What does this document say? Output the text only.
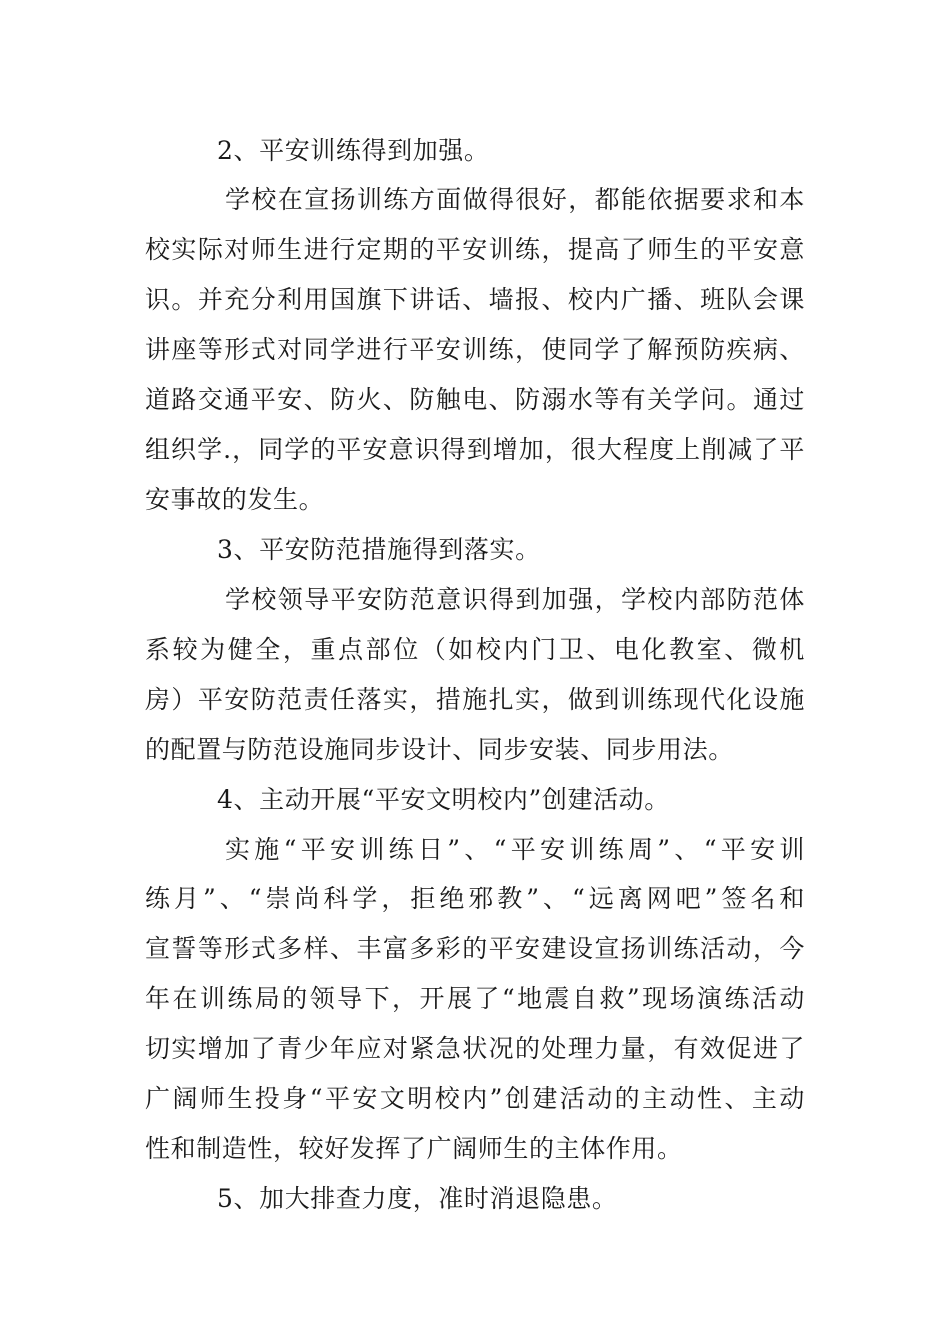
2、平安训练得到加强。
学校在宣扬训练方面做得很好，都能依据要求和本
校实际对师生进行定期的平安训练，提高了师生的平安意
识。并充分利用国旗下讲话、墙报、校内广播、班队会课
讲座等形式对同学进行平安训练，使同学了解预防疾病、
道路交通平安、防火、防触电、防溺水等有关学问。通过
组织学.，同学的平安意识得到增加，很大程度上削减了平
安事故的发生。
3、平安防范措施得到落实。
学校领导平安防范意识得到加强，学校内部防范体
系较为健全，重点部位（如校内门卫、电化教室、微机
房）平安防范责任落实，措施扎实，做到训练现代化设施
的配置与防范设施同步设计、同步安装、同步用法。
4、主动开展“平安文明校内”创建活动。
实施“平安训练日”、“平安训练周”、“平安训
练月”、“崇尚科学，拒绝邪教”、“远离网吧”签名和
宣誓等形式多样、丰富多彩的平安建设宣扬训练活动，今
年在训练局的领导下，开展了“地震自救”现场演练活动
切实增加了青少年应对紧急状况的处理力量，有效促进了
广阔师生投身“平安文明校内”创建活动的主动性、主动
性和制造性，较好发挥了广阔师生的主体作用。
5、加大排查力度，准时消退隐患。
